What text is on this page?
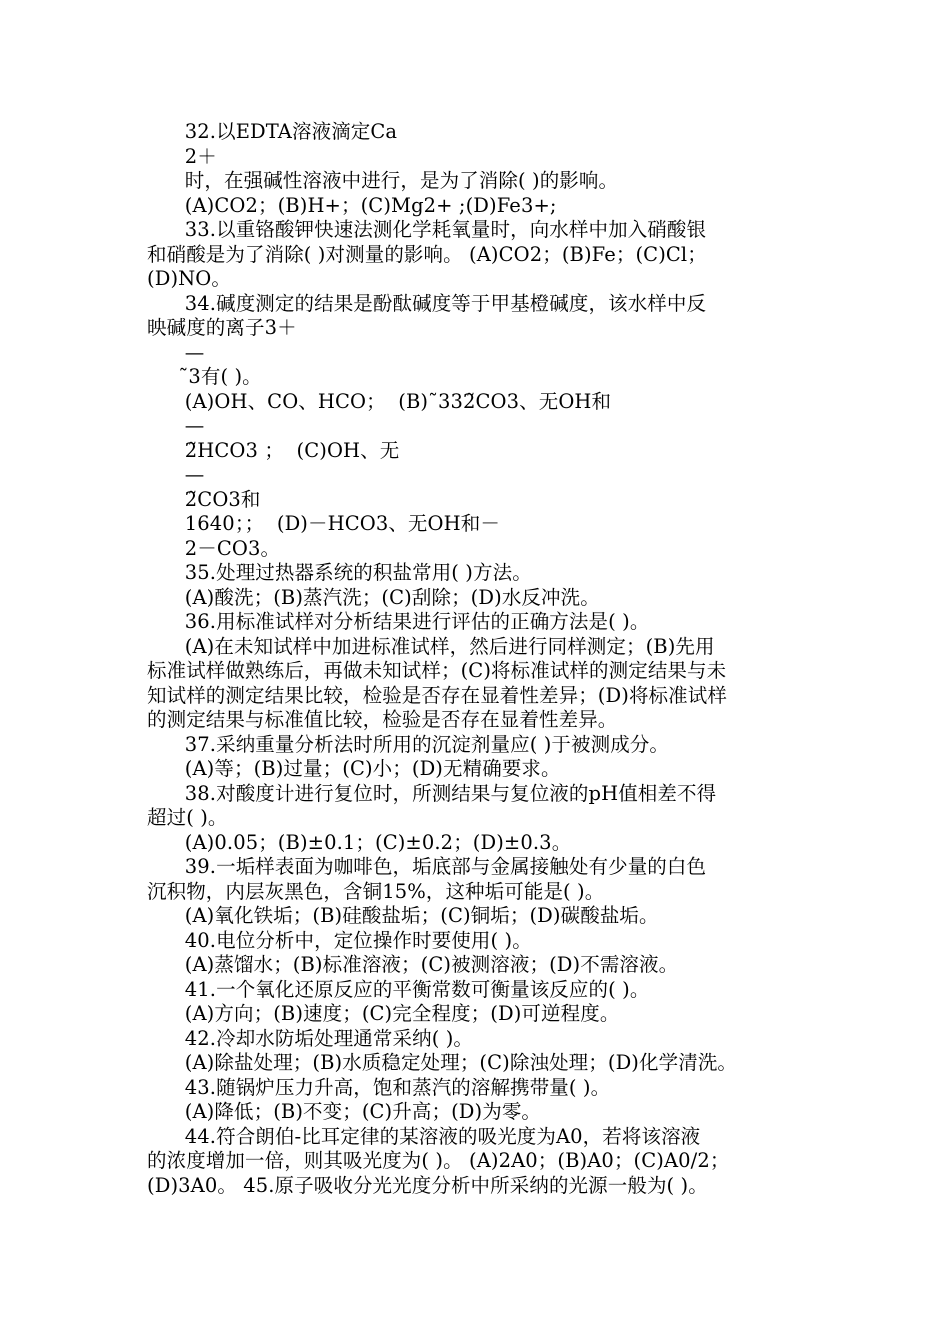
32.以EDTA溶液滴定Ca
2＋
时，在强碱性溶液中进行，是为了消除( )的影响。
(A)CO2；(B)H+；(C)Mg2+ ;(D)Fe3+;
33.以重铬酸钾快速法测化学耗氧量时，向水样中加入硝酸银
和硝酸是为了消除( )对测量的影响。 (A)CO2；(B)Fe；(C)Cl；
(D)NO。
34.碱度测定的结果是酚酞碱度等于甲基橙碱度，该水样中反
映碱度的离子3＋
—
˜3有( )。
(A)OH、CO、HCO；  (B)˜332̃CO3、无OH和
—
2̃HCO3 ；  (C)OH、无
—
2̃CO3和
1640；；  (D)－HCO3、无OH和－
2－CO3。
35.处理过热器系统的积盐常用( )方法。
(A)酸洗；(B)蒸汽洗；(C)刮除；(D)水反冲洗。
36.用标准试样对分析结果进行评估的正确方法是( )。
(A)在未知试样中加进标准试样，然后进行同样测定；(B)先用
标准试样做熟练后，再做未知试样；(C)将标准试样的测定结果与未
知试样的测定结果比较，检验是否存在显着性差异；(D)将标准试样
的测定结果与标准值比较，检验是否存在显着性差异。
37.采纳重量分析法时所用的沉淀剂量应( )于被测成分。
(A)等；(B)过量；(C)小；(D)无精确要求。
38.对酸度计进行复位时，所测结果与复位液的pH值相差不得
超过( )。
(A)0.05；(B)±0.1；(C)±0.2；(D)±0.3。
39.一垢样表面为咖啡色，垢底部与金属接触处有少量的白色
沉积物，内层灰黑色，含铜15%，这种垢可能是( )。
(A)氧化铁垢；(B)硅酸盐垢；(C)铜垢；(D)碳酸盐垢。
40.电位分析中，定位操作时要使用( )。
(A)蒸馏水；(B)标准溶液；(C)被测溶液；(D)不需溶液。
41.一个氧化还原反应的平衡常数可衡量该反应的( )。
(A)方向；(B)速度；(C)完全程度；(D)可逆程度。
42.冷却水防垢处理通常采纳( )。
(A)除盐处理；(B)水质稳定处理；(C)除浊处理；(D)化学清洗。
43.随锅炉压力升高，饱和蒸汽的溶解携带量( )。
(A)降低；(B)不变；(C)升高；(D)为零。
44.符合朗伯-比耳定律的某溶液的吸光度为A0，若将该溶液
的浓度增加一倍，则其吸光度为( )。 (A)2A0；(B)A0；(C)A0/2；
(D)3A0。 45.原子吸收分光光度分析中所采纳的光源一般为( )。
